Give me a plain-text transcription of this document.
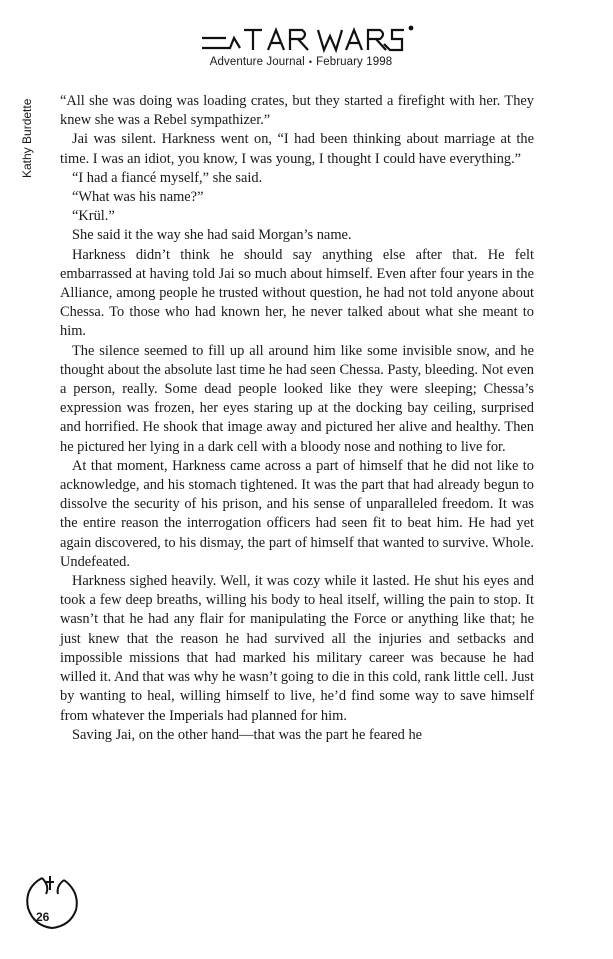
Adventure Journal • February 1998
Kathy Burdette “All she was doing was loading crates, but they started a firefight with her. They knew she was a Rebel sympathizer.”

Jai was silent. Harkness went on, “I had been thinking about marriage at the time. I was an idiot, you know, I was young, I thought I could have everything.”

“I had a fiancé myself,” she said.

“What was his name?”

“Krül.”

She said it the way she had said Morgan’s name.

Harkness didn’t think he should say anything else after that. He felt embarrassed at having told Jai so much about himself. Even after four years in the Alliance, among people he trusted without question, he had not told anyone about Chessa. To those who had known her, he never talked about what she meant to him.

The silence seemed to fill up all around him like some invisible snow, and he thought about the absolute last time he had seen Chessa. Pasty, bleeding. Not even a person, really. Some dead people looked like they were sleeping; Chessa’s expression was frozen, her eyes staring up at the docking bay ceiling, surprised and horrified. He shook that image away and pictured her alive and healthy. Then he pictured her lying in a dark cell with a bloody nose and nothing to live for.

At that moment, Harkness came across a part of himself that he did not like to acknowledge, and his stomach tightened. It was the part that had already begun to dissolve the security of his prison, and his sense of unparalleled freedom. It was the entire reason the interrogation officers had seen fit to beat him. He had yet again discovered, to his dismay, the part of himself that wanted to survive. Whole. Undefeated.

Harkness sighed heavily. Well, it was cozy while it lasted. He shut his eyes and took a few deep breaths, willing his body to heal itself, willing the pain to stop. It wasn’t that he had any flair for manipulating the Force or anything like that; he just knew that the reason he had survived all the injuries and setbacks and impossible missions that had marked his military career was because he had willed it. And that was why he wasn’t going to die in this cold, rank little cell. Just by wanting to heal, willing himself to live, he’d find some way to save himself from whatever the Imperials had planned for him.

Saving Jai, on the other hand—that was the part he feared he

26
